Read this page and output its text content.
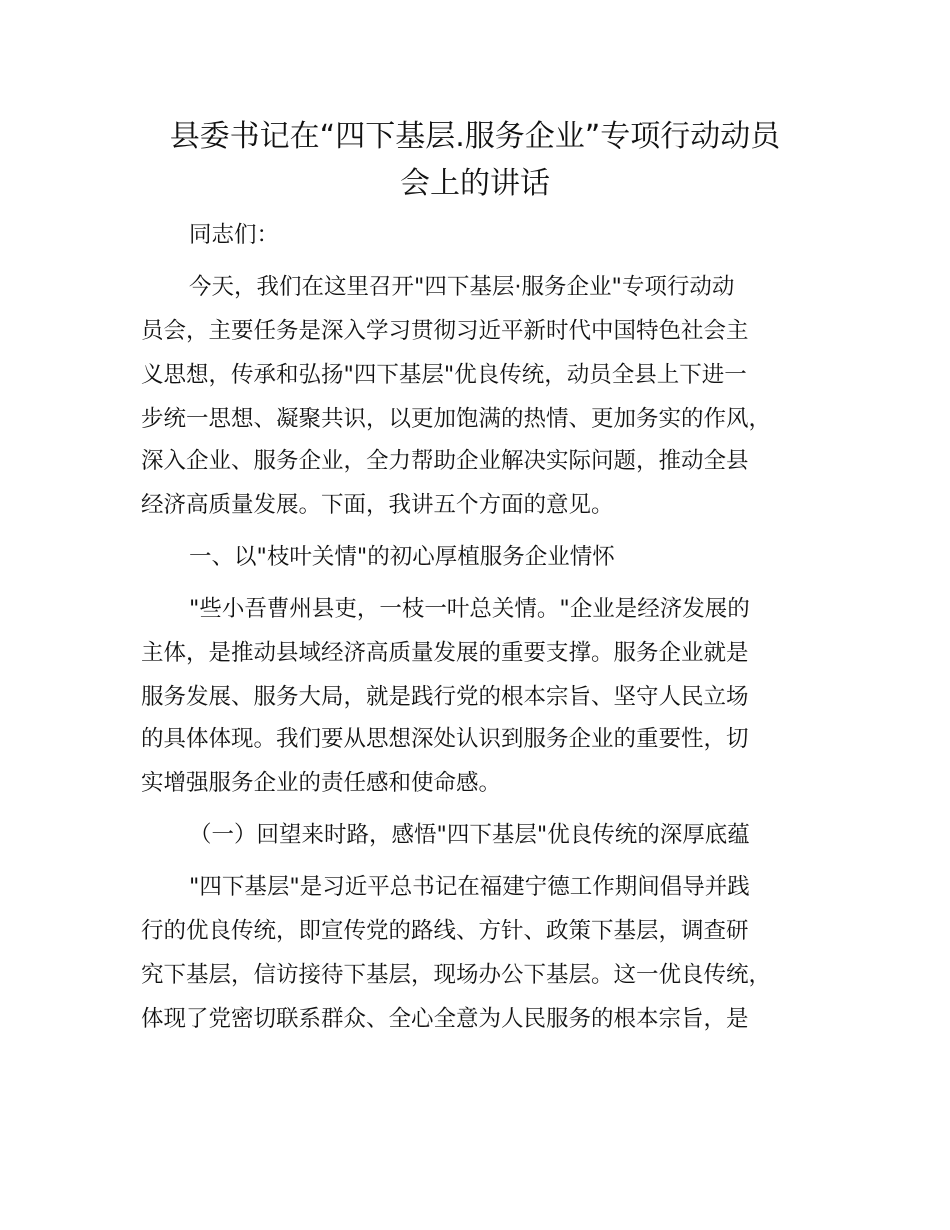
县委书记在“四下基层.服务企业”专项行动动员
会上的讲话

同志们：

今天，我们在这里召开"四下基层·服务企业"专项行动动

员会，主要任务是深入学习贯彻习近平新时代中国特色社会主

义思想，传承和弘扬"四下基层"优良传统，动员全县上下进一

步统一思想、凝聚共识，以更加饱满的热情、更加务实的作风，

深入企业、服务企业，全力帮助企业解决实际问题，推动全县

经济高质量发展。下面，我讲五个方面的意见。

一、以"枝叶关情"的初心厚植服务企业情怀

"些小吾曹州县吏，一枝一叶总关情。"企业是经济发展的

主体，是推动县域经济高质量发展的重要支撑。服务企业就是

服务发展、服务大局，就是践行党的根本宗旨、坚守人民立场

的具体体现。我们要从思想深处认识到服务企业的重要性，切

实增强服务企业的责任感和使命感。

（一）回望来时路，感悟"四下基层"优良传统的深厚底蕴

"四下基层"是习近平总书记在福建宁德工作期间倡导并践

行的优良传统，即宣传党的路线、方针、政策下基层，调查研

究下基层，信访接待下基层，现场办公下基层。这一优良传统，

体现了党密切联系群众、全心全意为人民服务的根本宗旨，是
